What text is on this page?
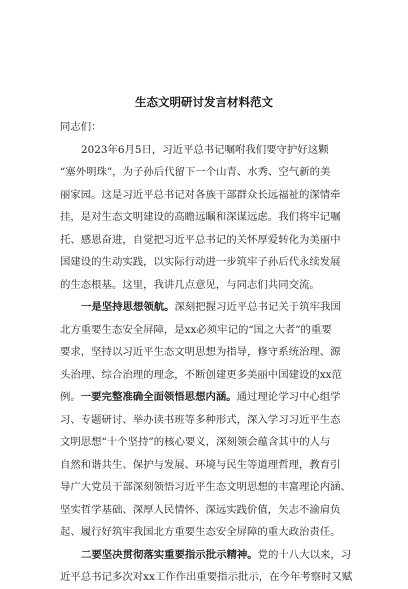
生态文明研讨发言材料范文
同志们：
2023年6月5日，习近平总书记嘱咐我们要守护好这颗
“塞外明珠”，为子孙后代留下一个山青、水秀、空气新的美
丽家园。这是习近平总书记对各族干部群众长远福祉的深情牵
挂，是对生态文明建设的高瞻远瞩和深谋远虑。我们将牢记嘱
托、感恩奋进，自觉把习近平总书记的关怀厚爱转化为美丽中
国建设的生动实践，以实际行动进一步筑牢子孙后代永续发展
的生态根基。这里，我讲几点意见，与同志们共同交流。
一是坚持思想领航。深刻把握习近平总书记关于筑牢我国
北方重要生态安全屏障，是xx必须牢记的“国之大者”的重要
要求，坚持以习近平生态文明思想为指导，修守系统治理、源
头治理、综合治理的理念，不断创建更多美丽中国建设的xx范
例。一要完整准确全面领悟思想内涵。通过理论学习中心组学
习、专题研讨、举办读书班等多种形式，深入学习习近平生态
文明思想“十个坚持”的核心要义，深刻领会蕴含其中的人与
自然和谐共生、保护与发展、环境与民生等道理哲理，教育引
导广大党员干部深刻领悟习近平生态文明思想的丰富理论内涵、
坚实哲学基础、深厚人民情怀、深远实践价值，矢志不渝肩负
起、履行好筑牢我国北方重要生态安全屏障的重大政治责任。
二要坚决贯彻落实重要指示批示精神。党的十八大以来，习
近平总书记多次对xx工作作出重要指示批示，在今年考察时又赋
